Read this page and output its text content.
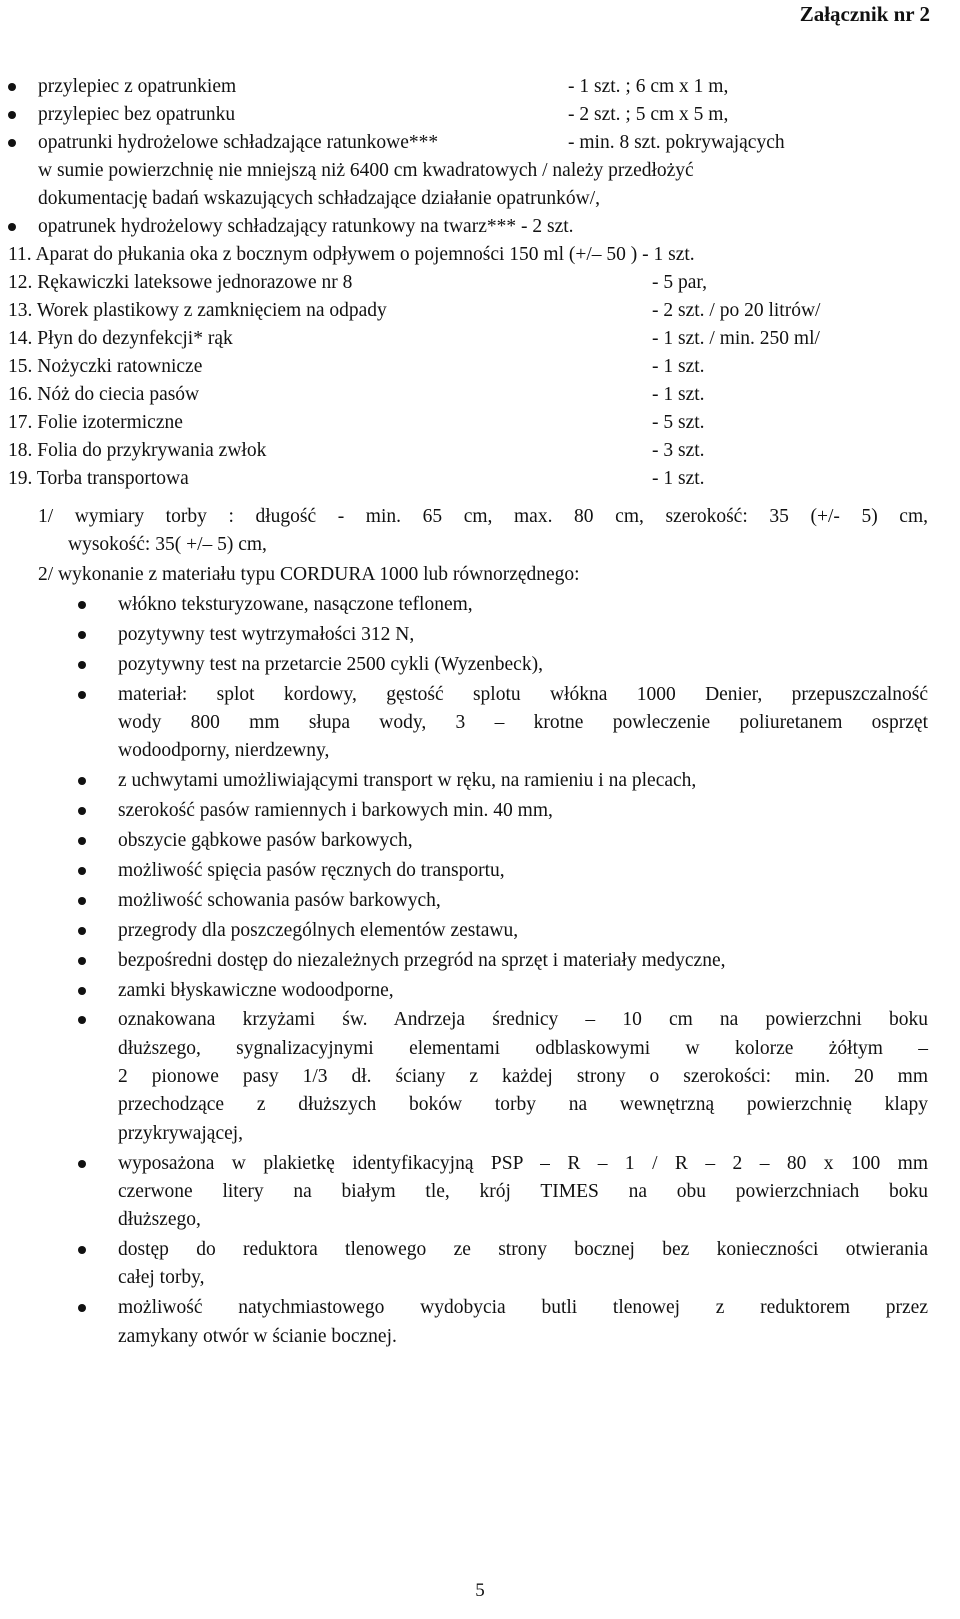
Załącznik nr 2
przylepiec z opatrunkiem	- 1 szt. ; 6 cm x 1 m,
przylepiec bez opatrunku	- 2 szt. ; 5 cm x 5 m,
opatrunki hydrożelowe schładzające ratunkowe***	- min. 8 szt. pokrywających
w sumie powierzchnię nie mniejszą niż 6400 cm kwadratowych / należy przedłożyć
dokumentację badań wskazujących schładzające działanie opatrunków/,
opatrunek hydrożelowy schładzający ratunkowy na twarz*** - 2 szt.
11. Aparat do płukania oka z bocznym odpływem o pojemności 150 ml (+/– 50 ) - 1 szt.
12. Rękawiczki lateksowe jednorazowe nr 8	- 5 par,
13. Worek plastikowy z zamknięciem na odpady	- 2 szt. / po 20 litrów/
14. Płyn do dezynfekcji* rąk	- 1 szt. / min. 250 ml/
15. Nożyczki ratownicze	- 1 szt.
16. Nóż do ciecia pasów	- 1 szt.
17. Folie izotermiczne	- 5 szt.
18. Folia do przykrywania zwłok	- 3 szt.
19. Torba transportowa	- 1 szt.
1/ wymiary torby : długość - min. 65 cm, max. 80 cm, szerokość: 35 (+/- 5) cm,
wysokość: 35( +/– 5) cm,
2/ wykonanie z materiału typu CORDURA 1000 lub równorzędnego:
włókno teksturyzowane, nasączone teflonem,
pozytywny test wytrzymałości 312 N,
pozytywny test na przetarcie 2500 cykli (Wyzenbeck),
materiał: splot kordowy, gęstość splotu włókna 1000 Denier, przepuszczalność
wody 800 mm słupa wody, 3 – krotne powleczenie poliuretanem osprzęt
wodoodporny, nierdzewny,
z uchwytami umożliwiającymi transport w ręku, na ramieniu i na plecach,
szerokość pasów ramiennych i barkowych min. 40 mm,
obszycie gąbkowe pasów barkowych,
możliwość spięcia pasów ręcznych do transportu,
możliwość schowania pasów barkowych,
przegrody dla poszczególnych elementów zestawu,
bezpośredni dostęp do niezależnych przegród na sprzęt i materiały medyczne,
zamki błyskawiczne wodoodporne,
oznakowana krzyżami św. Andrzeja średnicy – 10 cm na powierzchni boku
dłuższego, sygnalizacyjnymi elementami odblaskowymi w kolorze żółtym –
2 pionowe pasy 1/3 dł. ściany z każdej strony o szerokości: min. 20 mm
przechodzące z dłuższych boków torby na wewnętrzną powierzchnię klapy
przykrywającej,
wyposażona w plakietkę identyfikacyjną PSP – R – 1 / R – 2 – 80 x 100 mm
czerwone litery na białym tle, krój TIMES na obu powierzchniach boku
dłuższego,
dostęp do reduktora tlenowego ze strony bocznej bez konieczności otwierania
całej torby,
możliwość natychmiastowego wydobycia butli tlenowej z reduktorem przez
zamykany otwór w ścianie bocznej.
5
